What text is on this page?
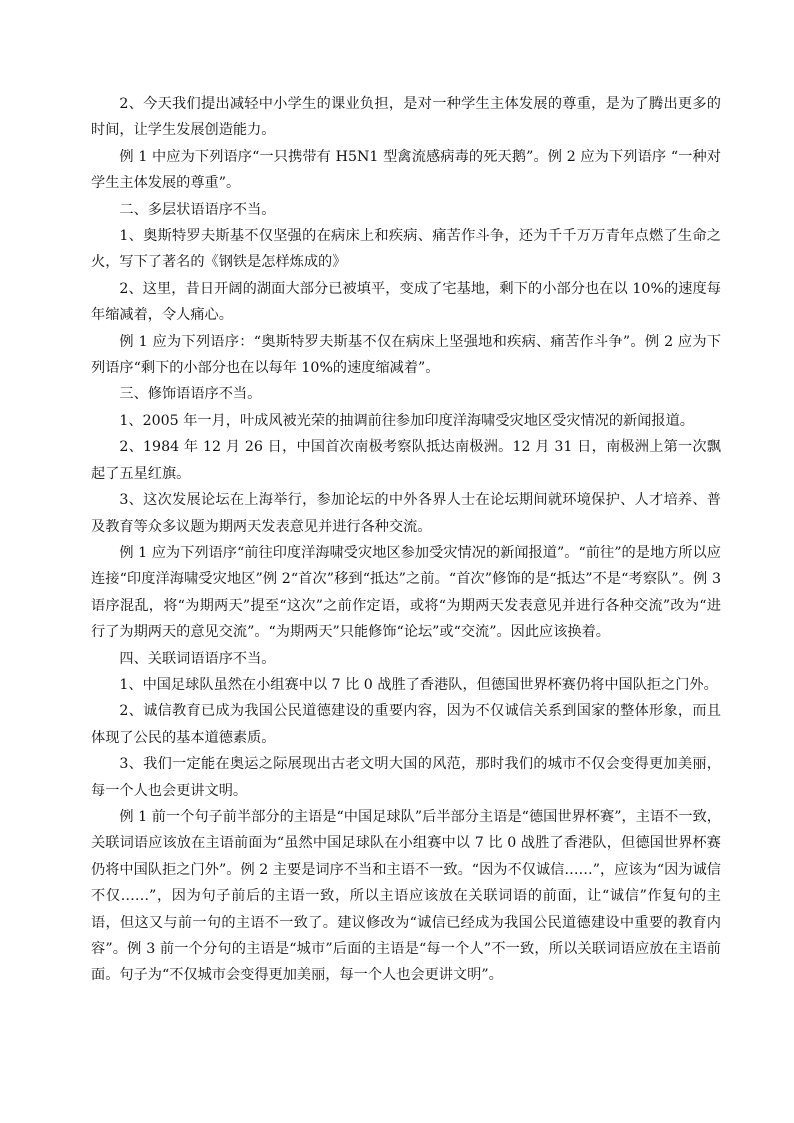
2、今天我们提出减轻中小学生的课业负担，是对一种学生主体发展的尊重，是为了腾出更多的时间，让学生发展创造能力。

例 1 中应为下列语序“一只携带有 H5N1 型禽流感病毒的死天鹅”。例 2 应为下列语序 “一种对学生主体发展的尊重”。

二、多层状语语序不当。

1、奥斯特罗夫斯基不仅坚强的在病床上和疾病、痛苦作斗争，还为千千万万青年点燃了生命之火，写下了著名的《钢铁是怎样炼成的》

2、这里，昔日开阔的湖面大部分已被填平，变成了宅基地，剩下的小部分也在以 10%的速度每年缩减着，令人痛心。

例 1 应为下列语序：“奥斯特罗夫斯基不仅在病床上坚强地和疾病、痛苦作斗争”。例 2 应为下列语序“剩下的小部分也在以每年 10%的速度缩减着”。

三、修饰语语序不当。

1、2005 年一月，叶成风被光荣的抽调前往参加印度洋海啸受灾地区受灾情况的新闻报道。

2、1984 年 12 月 26 日，中国首次南极考察队抵达南极洲。12 月 31 日，南极洲上第一次飘起了五星红旗。

3、这次发展论坛在上海举行，参加论坛的中外各界人士在论坛期间就环境保护、人才培养、普及教育等众多议题为期两天发表意见并进行各种交流。

例 1 应为下列语序“前往印度洋海啸受灾地区参加受灾情况的新闻报道”。“前往”的是地方所以应连接“印度洋海啸受灾地区”例 2“首次”移到“抵达”之前。“首次”修饰的是“抵达”不是“考察队”。例 3 语序混乱，将“为期两天”提至“这次”之前作定语，或将“为期两天发表意见并进行各种交流”改为“进行了为期两天的意见交流”。“为期两天”只能修饰“论坛”或“交流”。因此应该换着。

四、关联词语语序不当。

1、中国足球队虽然在小组赛中以 7 比 0 战胜了香港队，但德国世界杯赛仍将中国队拒之门外。

2、诚信教育已成为我国公民道德建设的重要内容，因为不仅诚信关系到国家的整体形象，而且体现了公民的基本道德素质。

3、我们一定能在奥运之际展现出古老文明大国的风范，那时我们的城市不仅会变得更加美丽，每一个人也会更讲文明。

例 1 前一个句子前半部分的主语是“中国足球队”后半部分主语是“德国世界杯赛”，主语不一致，关联词语应该放在主语前面为“虽然中国足球队在小组赛中以 7 比 0 战胜了香港队，但德国世界杯赛仍将中国队拒之门外”。例 2 主要是词序不当和主语不一致。“因为不仅诚信……”，应该为“因为诚信不仅……”，因为句子前后的主语一致，所以主语应该放在关联词语的前面，让“诚信”作复句的主语，但这又与前一句的主语不一致了。建议修改为“诚信已经成为我国公民道德建设中重要的教育内容”。例 3 前一个分句的主语是“城市”后面的主语是“每一个人”不一致，所以关联词语应放在主语前面。句子为“不仅城市会变得更加美丽，每一个人也会更讲文明”。
